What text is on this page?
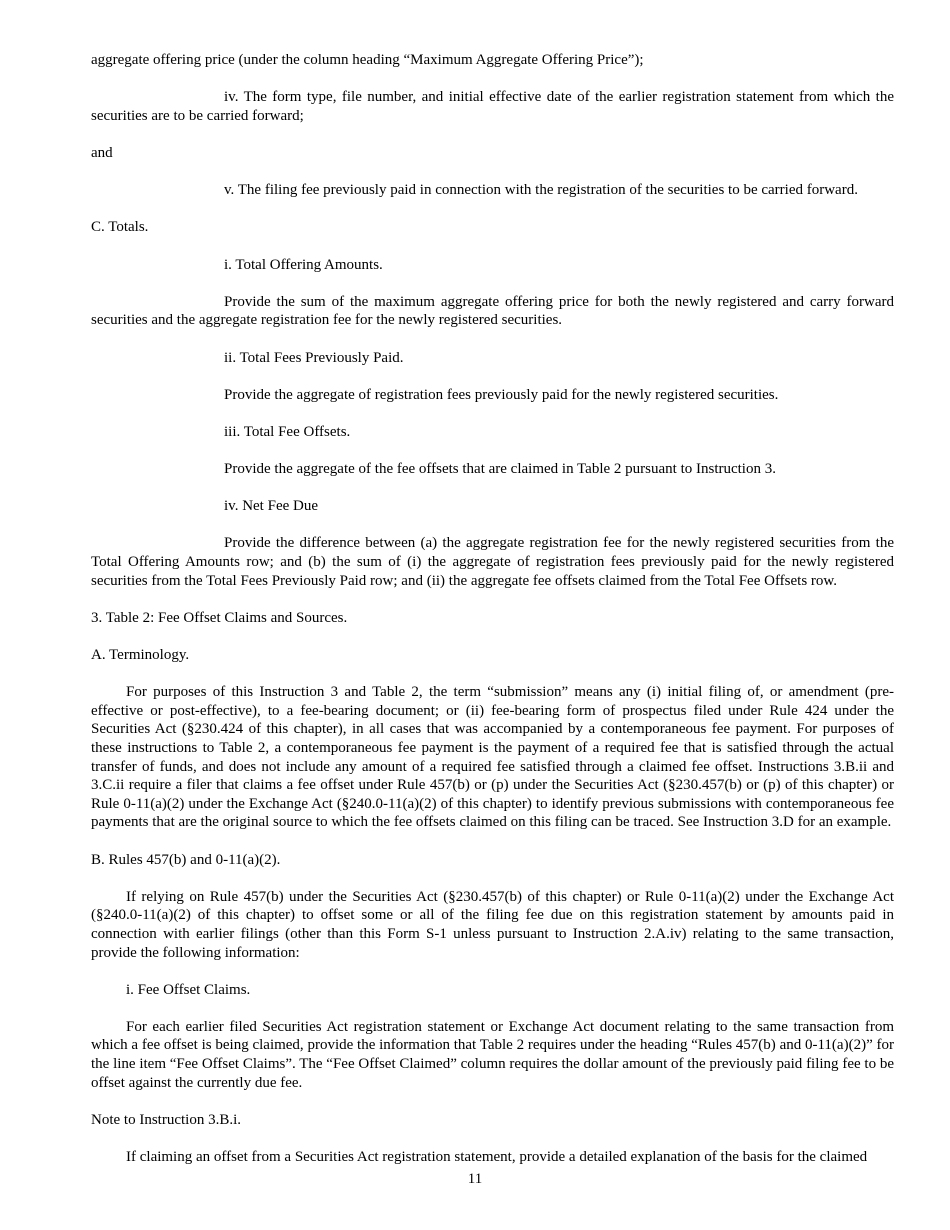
aggregate offering price (under the column heading “Maximum Aggregate Offering Price”);

iv. The form type, file number, and initial effective date of the earlier registration statement from which the securities are to be carried forward;

and

v. The filing fee previously paid in connection with the registration of the securities to be carried forward.

C. Totals.

i. Total Offering Amounts.

Provide the sum of the maximum aggregate offering price for both the newly registered and carry forward securities and the aggregate registration fee for the newly registered securities.

ii. Total Fees Previously Paid.

Provide the aggregate of registration fees previously paid for the newly registered securities.

iii. Total Fee Offsets.

Provide the aggregate of the fee offsets that are claimed in Table 2 pursuant to Instruction 3.

iv. Net Fee Due

Provide the difference between (a) the aggregate registration fee for the newly registered securities from the Total Offering Amounts row; and (b) the sum of (i) the aggregate of registration fees previously paid for the newly registered securities from the Total Fees Previously Paid row; and (ii) the aggregate fee offsets claimed from the Total Fee Offsets row.

3. Table 2: Fee Offset Claims and Sources.

A. Terminology.

For purposes of this Instruction 3 and Table 2, the term “submission” means any (i) initial filing of, or amendment (pre-effective or post-effective), to a fee-bearing document; or (ii) fee-bearing form of prospectus filed under Rule 424 under the Securities Act (§230.424 of this chapter), in all cases that was accompanied by a contemporaneous fee payment. For purposes of these instructions to Table 2, a contemporaneous fee payment is the payment of a required fee that is satisfied through the actual transfer of funds, and does not include any amount of a required fee satisfied through a claimed fee offset. Instructions 3.B.ii and 3.C.ii require a filer that claims a fee offset under Rule 457(b) or (p) under the Securities Act (§230.457(b) or (p) of this chapter) or Rule 0-11(a)(2) under the Exchange Act (§240.0-11(a)(2) of this chapter) to identify previous submissions with contemporaneous fee payments that are the original source to which the fee offsets claimed on this filing can be traced. See Instruction 3.D for an example.

B. Rules 457(b) and 0-11(a)(2).

If relying on Rule 457(b) under the Securities Act (§230.457(b) of this chapter) or Rule 0-11(a)(2) under the Exchange Act (§240.0-11(a)(2) of this chapter) to offset some or all of the filing fee due on this registration statement by amounts paid in connection with earlier filings (other than this Form S-1 unless pursuant to Instruction 2.A.iv) relating to the same transaction, provide the following information:

i. Fee Offset Claims.

For each earlier filed Securities Act registration statement or Exchange Act document relating to the same transaction from which a fee offset is being claimed, provide the information that Table 2 requires under the heading “Rules 457(b) and 0-11(a)(2)” for the line item “Fee Offset Claims”. The “Fee Offset Claimed” column requires the dollar amount of the previously paid filing fee to be offset against the currently due fee.

Note to Instruction 3.B.i.

If claiming an offset from a Securities Act registration statement, provide a detailed explanation of the basis for the claimed

11
